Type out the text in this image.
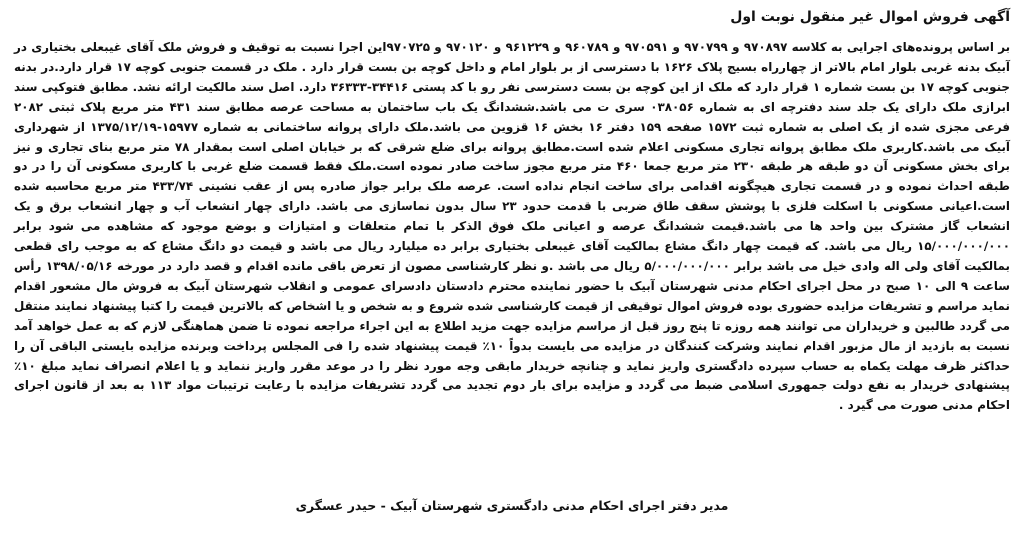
آگهی فروش اموال غیر منقول نوبت اول

بر اساس پرونده‌های اجرایی به کلاسه ۹۷۰۸۹۷ و ۹۷۰۷۹۹ و ۹۷۰۵۹۱ و ۹۶۰۷۸۹ و ۹۶۱۲۲۹ و ۹۷۰۱۲۰ و ۹۷۰۷۲۵این اجرا نسبت به توقیف و فروش ملک آقای غیبعلی بختیاری در آبیک بدنه غربی بلوار امام بالاتر از چهارراه بسیج پلاک ۱۶۲۶ با دسترسی از بر بلوار امام و داخل کوچه بن بست قرار دارد . ملک در قسمت جنوبی کوچه ۱۷ قرار دارد.در بدنه جنوبی کوچه ۱۷ بن بست شماره ۱ قرار دارد که ملک از این کوچه بن بست دسترسی نفر رو با کد پستی ۳۴۴۱۶-۳۶۳۳۳ دارد. اصل سند مالکیت ارائه نشد. مطابق فتوکپی سند ابرازی ملک دارای یک جلد سند دفترچه ای به شماره ۰۳۸۰۵۶ سری ت می باشد.ششدانگ یک باب ساختمان به مساحت عرصه مطابق سند ۴۳۱ متر مربع پلاک ثبتی ۲۰۸۲ فرعی مجزی شده از یک اصلی به شماره ثبت ۱۵۷۲ صفحه ۱۵۹ دفتر ۱۶ بخش ۱۶ قزوین می باشد.ملک دارای پروانه ساختمانی به شماره ۱۵۹۷۷-۱۳۷۵/۱۲/۱۹ از شهرداری آبیک می باشد.کاربری ملک مطابق پروانه تجاری مسکونی اعلام شده است.مطابق پروانه برای ضلع شرقی که بر خیابان اصلی است بمقدار ۷۸ متر مربع بنای تجاری و نیز برای بخش مسکونی آن دو طبقه هر طبقه ۲۳۰ متر مربع جمعا ۴۶۰ متر مربع مجوز ساخت صادر نموده است.ملک فقط قسمت ضلع غربی با کاربری مسکونی آن را در دو طبقه احداث نموده و در قسمت تجاری هیچگونه اقدامی برای ساخت انجام نداده است. عرصه ملک برابر جواز صادره پس از عقب نشینی ۴۳۳/۷۴ متر مربع محاسبه شده است.اعیانی مسکونی با اسکلت فلزی با پوشش سقف طاق ضربی با قدمت حدود ۲۳ سال بدون نماسازی می باشد. دارای چهار انشعاب آب و چهار انشعاب برق و یک انشعاب گاز مشترک بین واحد ها می باشد.قیمت ششدانگ عرصه و اعیانی ملک فوق الذکر با تمام متعلقات و امتیازات و بوضع موجود که مشاهده می شود برابر ۱۵/۰۰۰/۰۰۰/۰۰۰ ریال می باشد. که قیمت چهار دانگ مشاع بمالکیت آقای غیبعلی بختیاری برابر ده میلیارد ریال می باشد و قیمت دو دانگ مشاع که به موجب رای قطعی بمالکیت آقای ولی اله وادی خیل می باشد برابر ۵/۰۰۰/۰۰۰/۰۰۰ ریال می باشد .و نظر کارشناسی مصون از تعرض باقی مانده اقدام و قصد دارد در مورخه ۱۳۹۸/۰۵/۱۶ رأس ساعت ۹ الی ۱۰ صبح در محل اجرای احکام مدنی شهرستان آبیک با حضور نماینده محترم دادستان دادسرای عمومی و انقلاب شهرستان آبیک به فروش مال مشعور اقدام نماید مراسم و تشریفات مزایده حضوری بوده فروش اموال توقیفی از قیمت کارشناسی شده شروع و به شخص و یا اشخاص که بالاترین قیمت را کتبا پیشنهاد نمایند منتقل می گردد طالبین و خریداران می توانند همه روزه تا پنج روز قبل از مراسم مزایده جهت مزید اطلاع به این اجراء مراجعه نموده تا ضمن هماهنگی لازم که به عمل خواهد آمد نسبت به بازدید از مال مزبور اقدام نمایند وشرکت کنندگان در مزایده می بایست بدواً ۱۰٪ قیمت پیشنهاد شده را فی المجلس پرداخت وبرنده مزایده بایستی الباقی آن را حداکثر ظرف مهلت یکماه به حساب سپرده دادگستری واریز نماید و چنانچه خریدار مابقی وجه مورد نظر را در موعد مقرر واریز ننماید و یا اعلام انصراف نماید مبلغ ۱۰٪ پیشنهادی خریدار به نفع دولت جمهوری اسلامی ضبط می گردد و مزایده برای بار دوم تجدید می گردد تشریفات مزایده با رعایت ترتیبات مواد ۱۱۳ به بعد از قانون اجرای احکام مدنی صورت می گیرد .

مدیر دفتر اجرای احکام مدنی دادگستری شهرستان آبیک - حیدر عسگری
